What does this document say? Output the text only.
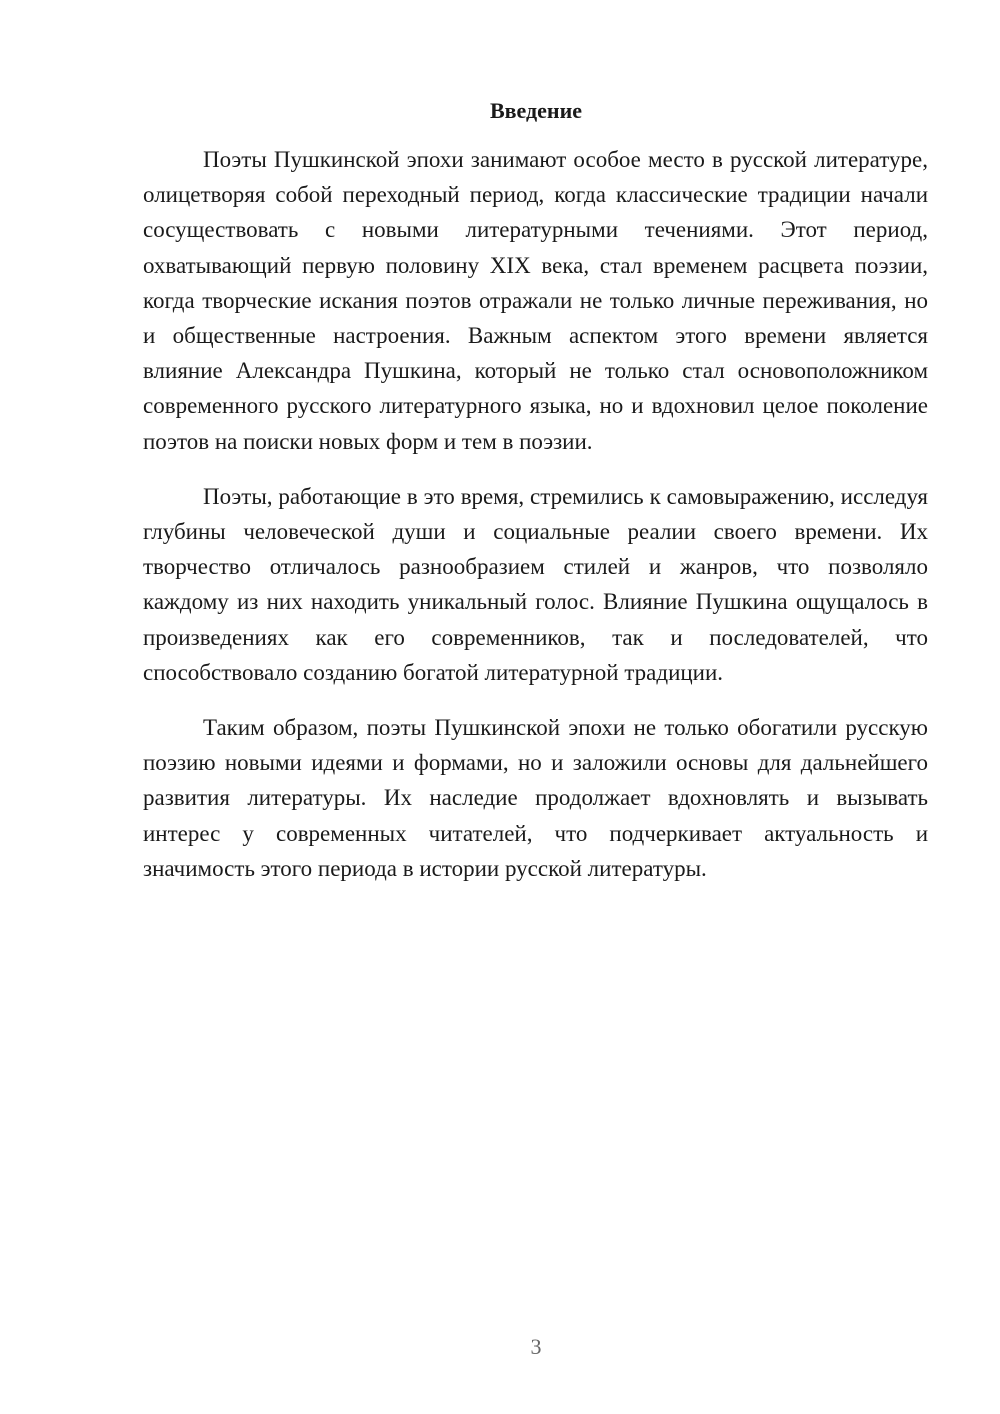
Введение

Поэты Пушкинской эпохи занимают особое место в русской литературе, олицетворяя собой переходный период, когда классические традиции начали сосуществовать с новыми литературными течениями. Этот период, охватывающий первую половину XIX века, стал временем расцвета поэзии, когда творческие искания поэтов отражали не только личные переживания, но и общественные настроения. Важным аспектом этого времени является влияние Александра Пушкина, который не только стал основоположником современного русского литературного языка, но и вдохновил целое поколение поэтов на поиски новых форм и тем в поэзии.

Поэты, работающие в это время, стремились к самовыражению, исследуя глубины человеческой души и социальные реалии своего времени. Их творчество отличалось разнообразием стилей и жанров, что позволяло каждому из них находить уникальный голос. Влияние Пушкина ощущалось в произведениях как его современников, так и последователей, что способствовало созданию богатой литературной традиции.

Таким образом, поэты Пушкинской эпохи не только обогатили русскую поэзию новыми идеями и формами, но и заложили основы для дальнейшего развития литературы. Их наследие продолжает вдохновлять и вызывать интерес у современных читателей, что подчеркивает актуальность и значимость этого периода в истории русской литературы.

3
